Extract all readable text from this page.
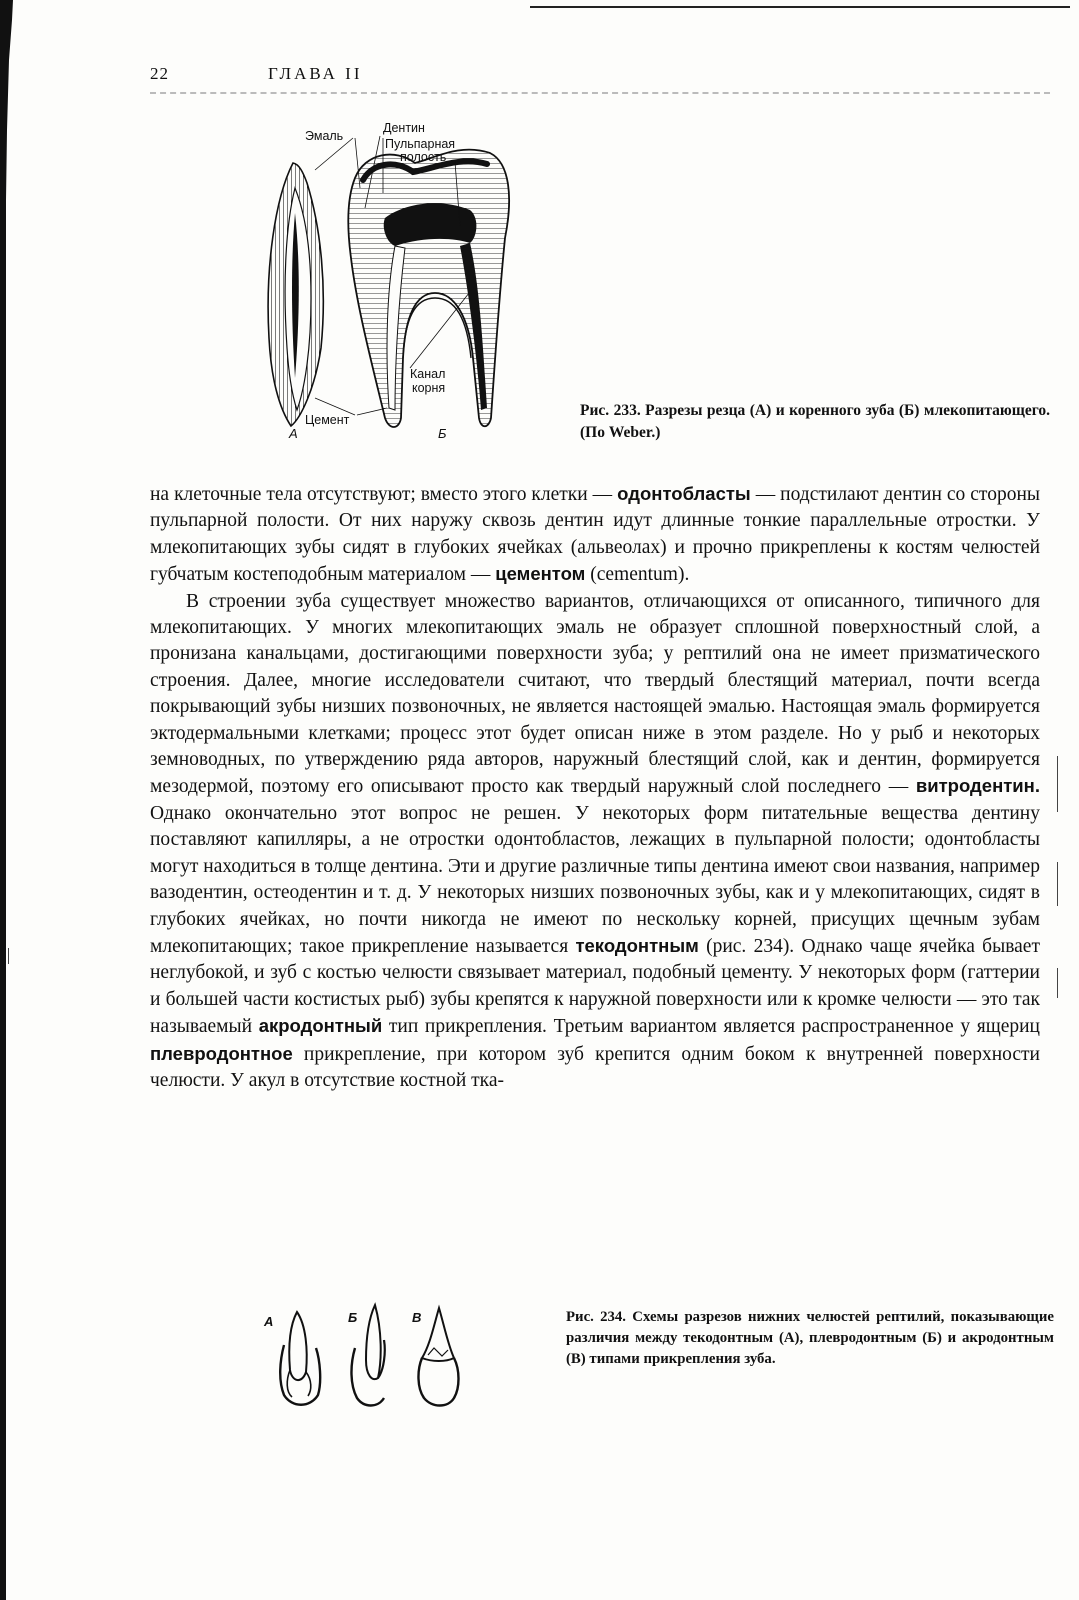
22	ГЛАВА II
Дентин
Эмаль
Пульпарная
полость
Канал
корня
Цемент
А	Б
Рис. 233. Разрезы резца (А) и коренного зуба (Б) млекопитающего. (По Weber.)

на клеточные тела отсутствуют; вместо этого клетки — одонтобласты — подстилают дентин со стороны пульпарной полости. От них наружу сквозь дентин идут длинные тонкие параллельные отростки. У млекопитающих зубы сидят в глубоких ячейках (альвеолах) и прочно прикреплены к костям челюстей губчатым костеподобным материалом — цементом (cementum).

В строении зуба существует множество вариантов, отличающихся от описанного, типичного для млекопитающих. У многих млекопитающих эмаль не образует сплошной поверхностный слой, а пронизана канальцами, достигающими поверхности зуба; у рептилий она не имеет призматического строения. Далее, многие исследователи считают, что твердый блестящий материал, почти всегда покрывающий зубы низших позвоночных, не является настоящей эмалью. Настоящая эмаль формируется эктодермальными клетками; процесс этот будет описан ниже в этом разделе. Но у рыб и некоторых земноводных, по утверждению ряда авторов, наружный блестящий слой, как и дентин, формируется мезодермой, поэтому его описывают просто как твердый наружный слой последнего — витродентин. Однако окончательно этот вопрос не решен. У некоторых форм питательные вещества дентину поставляют капилляры, а не отростки одонтобластов, лежащих в пульпарной полости; одонтобласты могут находиться в толще дентина. Эти и другие различные типы дентина имеют свои названия, например вазодентин, остеодентин и т. д. У некоторых низших позвоночных зубы, как и у млекопитающих, сидят в глубоких ячейках, но почти никогда не имеют по нескольку корней, присущих щечным зубам млекопитающих; такое прикрепление называется текодонтным (рис. 234). Однако чаще ячейка бывает неглубокой, и зуб с костью челюсти связывает материал, подобный цементу. У некоторых форм (гаттерии и большей части костистых рыб) зубы крепятся к наружной поверхности или к кромке челюсти — это так называемый акродонтный тип прикрепления. Третьим вариантом является распространенное у ящериц плевродонтное прикрепление, при котором зуб крепится одним боком к внутренней поверхности челюсти. У акул в отсутствие костной тка-

А	Б	В	Рис. 234. Схемы разрезов нижних челюстей рептилий, показывающие различия между текодонтным (А), плевродонтным (Б) и акродонтным (В) типами прикрепления зуба.
